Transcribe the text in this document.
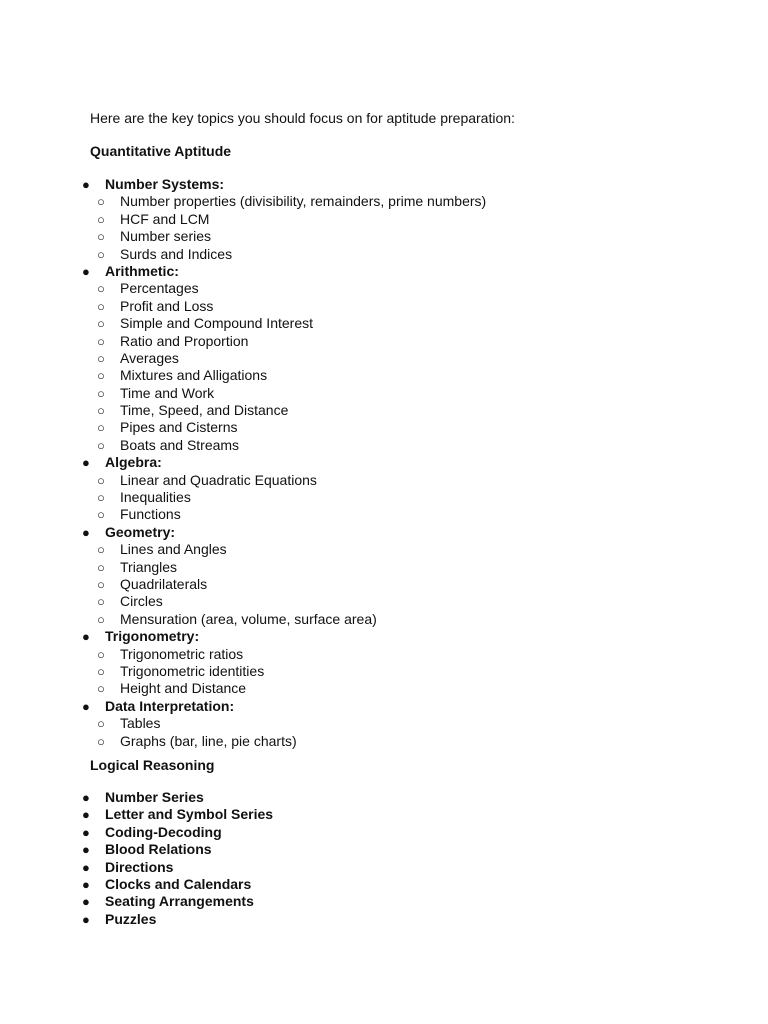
Here are the key topics you should focus on for aptitude preparation:
Quantitative Aptitude
● Number Systems:
○ Number properties (divisibility, remainders, prime numbers)
○ HCF and LCM
○ Number series
○ Surds and Indices
● Arithmetic:
○ Percentages
○ Profit and Loss
○ Simple and Compound Interest
○ Ratio and Proportion
○ Averages
○ Mixtures and Alligations
○ Time and Work
○ Time, Speed, and Distance
○ Pipes and Cisterns
○ Boats and Streams
● Algebra:
○ Linear and Quadratic Equations
○ Inequalities
○ Functions
● Geometry:
○ Lines and Angles
○ Triangles
○ Quadrilaterals
○ Circles
○ Mensuration (area, volume, surface area)
● Trigonometry:
○ Trigonometric ratios
○ Trigonometric identities
○ Height and Distance
● Data Interpretation:
○ Tables
○ Graphs (bar, line, pie charts)
Logical Reasoning
● Number Series
● Letter and Symbol Series
● Coding-Decoding
● Blood Relations
● Directions
● Clocks and Calendars
● Seating Arrangements
● Puzzles
